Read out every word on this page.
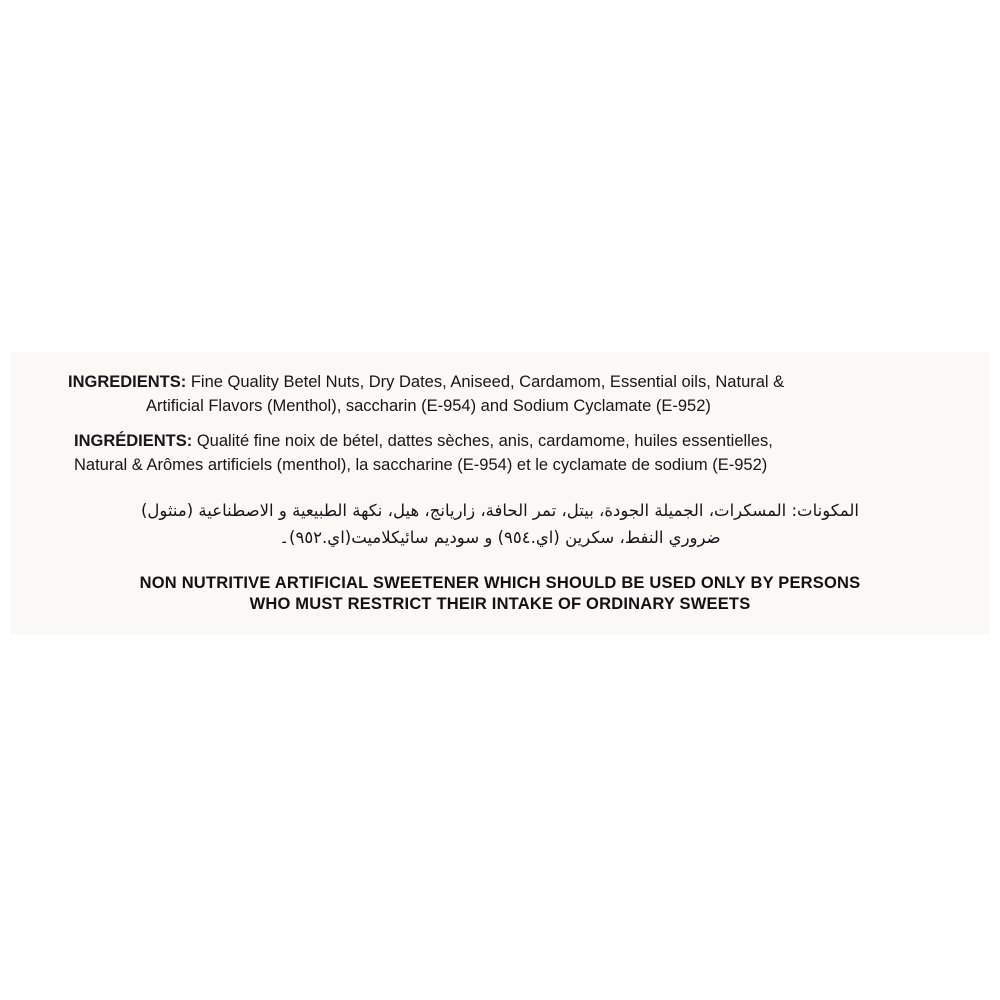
INGREDIENTS: Fine Quality Betel Nuts, Dry Dates, Aniseed, Cardamom, Essential oils, Natural &
Artificial Flavors (Menthol), saccharin (E-954) and Sodium Cyclamate (E-952)

INGRÉDIENTS: Qualité fine noix de bétel, dattes sèches, anis, cardamome, huiles essentielles,
Natural & Arômes artificiels (menthol), la saccharine (E-954) et le cyclamate de sodium (E-952)

المكونات: المسكرات، الجميلة الجودة، بيتل، تمر الحافة، زاريانج، هيل، نكهة الطبيعية و الاصطناعية (منثول)
ضروري النفط، سكرين (اي.٩٥٤) و سوديم سائيكلاميت(اي.٩٥٢)۔
NON NUTRITIVE ARTIFICIAL SWEETENER WHICH SHOULD BE USED ONLY BY PERSONS
WHO MUST RESTRICT THEIR INTAKE OF ORDINARY SWEETS
